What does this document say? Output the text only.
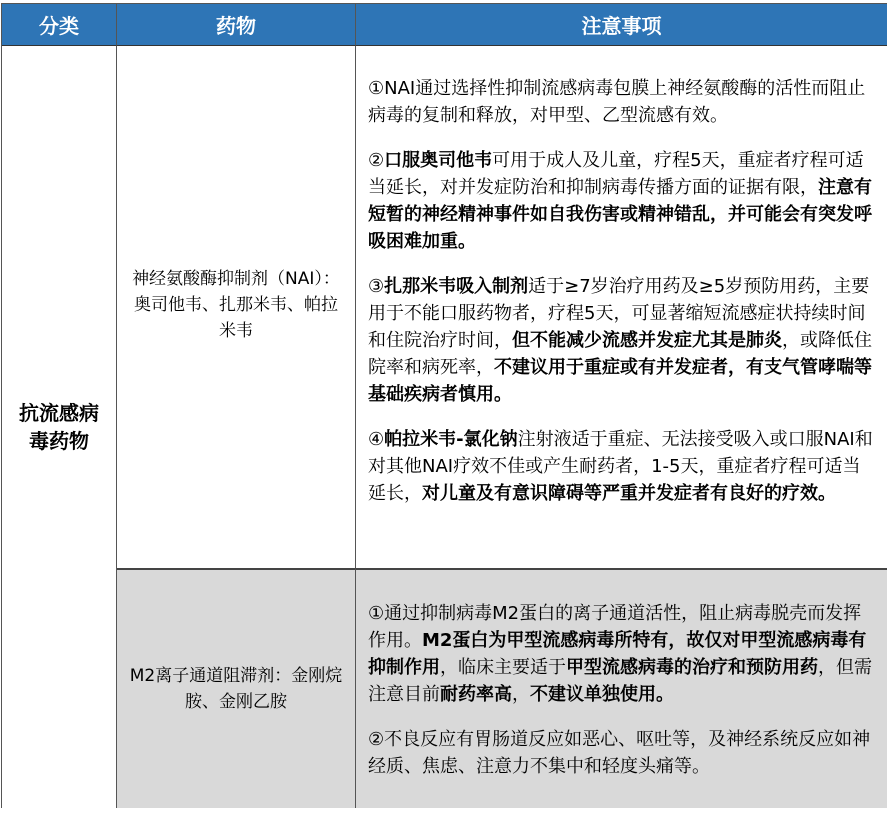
分类	药物	注意事项
抗流感病毒药物
神经氨酸酶抑制剂（NAI）：奥司他韦、扎那米韦、帕拉米韦

①NAI通过选择性抑制流感病毒包膜上神经氨酸酶的活性而阻止病毒的复制和释放，对甲型、乙型流感有效。

②口服奥司他韦可用于成人及儿童，疗程5天，重症者疗程可适当延长，对并发症防治和抑制病毒传播方面的证据有限，注意有短暂的神经精神事件如自我伤害或精神错乱，并可能会有突发呼吸困难加重。

③扎那米韦吸入制剂适于≥7岁治疗用药及≥5岁预防用药，主要用于不能口服药物者，疗程5天，可显著缩短流感症状持续时间和住院治疗时间，但不能减少流感并发症尤其是肺炎，或降低住院率和病死率，不建议用于重症或有并发症者，有支气管哮喘等基础疾病者慎用。

④帕拉米韦-氯化钠注射液适于重症、无法接受吸入或口服NAI和对其他NAI疗效不佳或产生耐药者，1-5天，重症者疗程可适当延长，对儿童及有意识障碍等严重并发症者有良好的疗效。

M2离子通道阻滞剂：金刚烷胺、金刚乙胺

①通过抑制病毒M2蛋白的离子通道活性，阻止病毒脱壳而发挥作用。M2蛋白为甲型流感病毒所特有，故仅对甲型流感病毒有抑制作用，临床主要适于甲型流感病毒的治疗和预防用药，但需注意目前耐药率高，不建议单独使用。

②不良反应有胃肠道反应如恶心、呕吐等，及神经系统反应如神经质、焦虑、注意力不集中和轻度头痛等。
